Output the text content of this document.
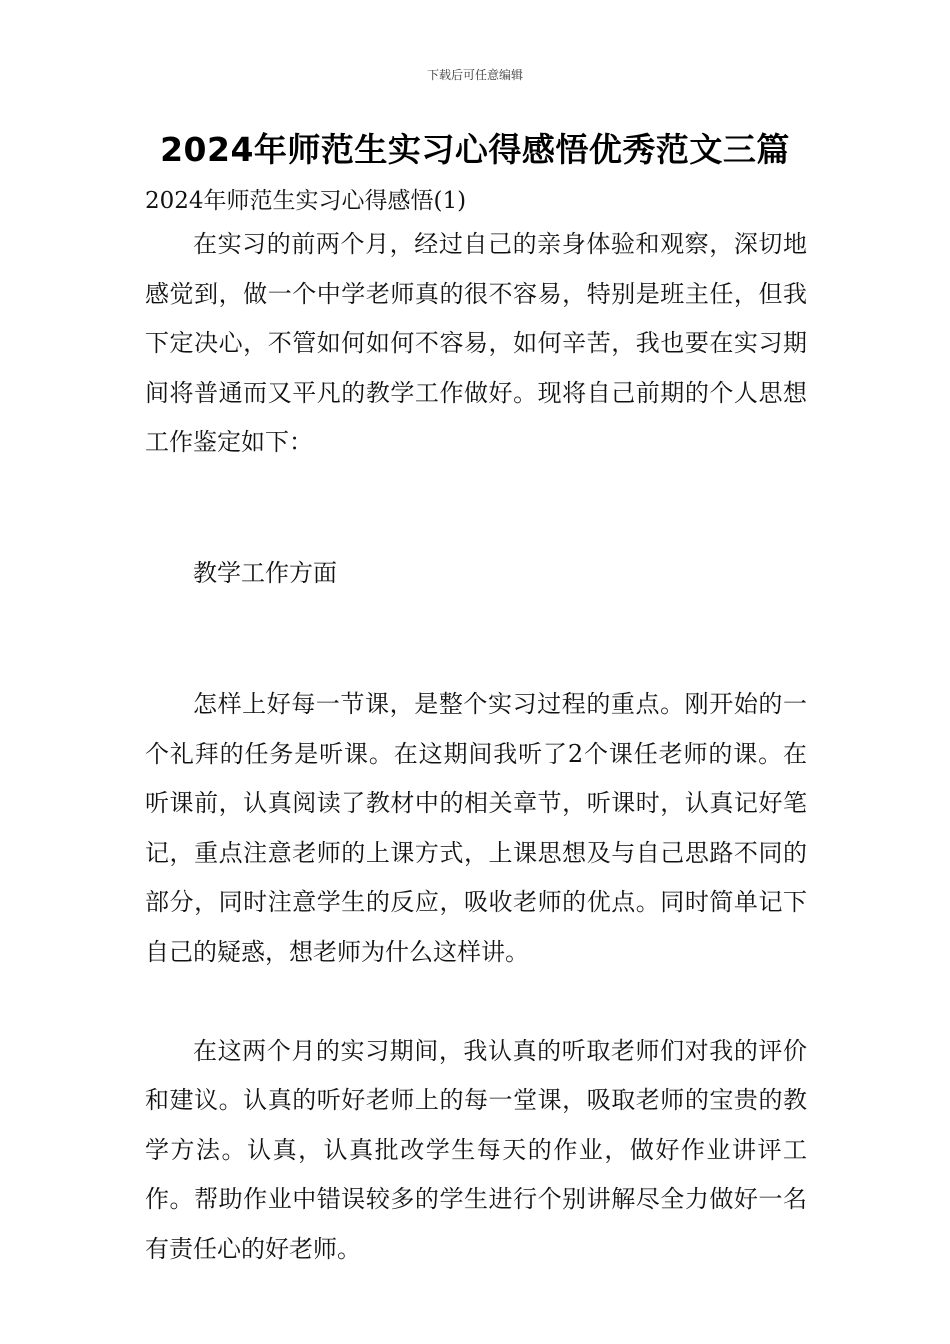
下载后可任意编辑
2024年师范生实习心得感悟优秀范文三篇

2024年师范生实习心得感悟(1)

在实习的前两个月，经过自己的亲身体验和观察，深切地感觉到，做一个中学老师真的很不容易，特别是班主任，但我下定决心，不管如何如何不容易，如何辛苦，我也要在实习期间将普通而又平凡的教学工作做好。现将自己前期的个人思想工作鉴定如下：

教学工作方面

怎样上好每一节课，是整个实习过程的重点。刚开始的一个礼拜的任务是听课。在这期间我听了2个课任老师的课。在听课前，认真阅读了教材中的相关章节，听课时，认真记好笔记，重点注意老师的上课方式，上课思想及与自己思路不同的部分，同时注意学生的反应，吸收老师的优点。同时简单记下自己的疑惑，想老师为什么这样讲。

在这两个月的实习期间，我认真的听取老师们对我的评价和建议。认真的听好老师上的每一堂课，吸取老师的宝贵的教学方法。认真，认真批改学生每天的作业，做好作业讲评工作。帮助作业中错误较多的学生进行个别讲解尽全力做好一名有责任心的好老师。
